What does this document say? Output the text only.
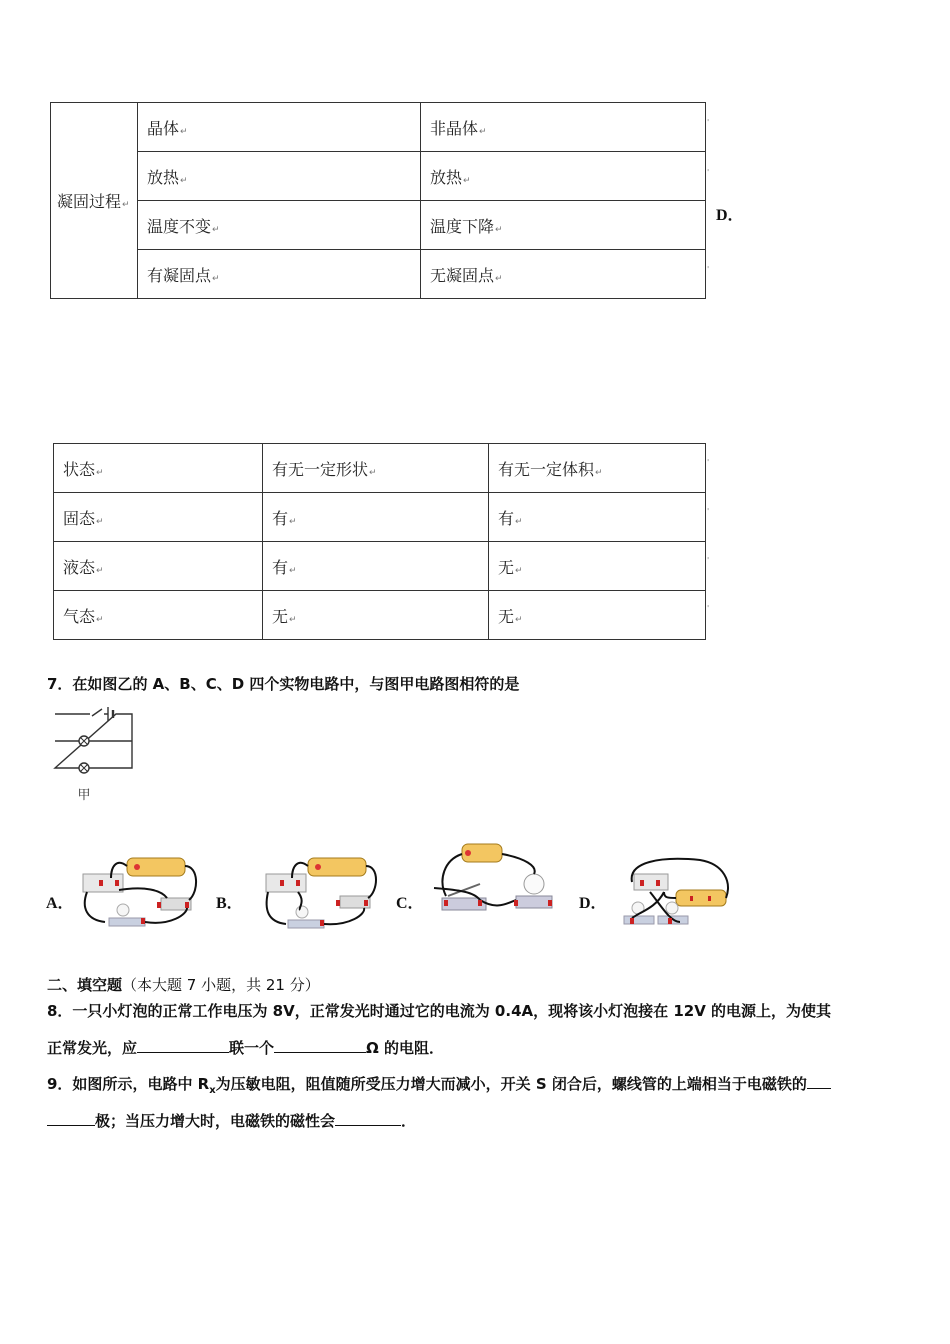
凝固过程↵	晶体↵	非晶体↵
	放热↵	放热↵
	温度不变↵	温度下降↵
	有凝固点↵	无凝固点↵
'
'
'
D．
状态↵	有无一定形状↵	有无一定体积↵
固态↵	有↵	有↵
液态↵	有↵	无↵
气态↵	无↵	无↵
'
'
'
'
7．在如图乙的 A、B、C、D 四个实物电路中，与图甲电路图相符的是
甲
A．	B．	C．	D．
二、填空题（本大题 7 小题，共 21 分）
8．一只小灯泡的正常工作电压为 8V，正常发光时通过它的电流为 0.4A，现将该小灯泡接在 12V 的电源上，为使其
正常发光，应	联一个	Ω 的电阻．
9．如图所示，电路中 $R_x$为压敏电阻，阻值随所受压力增大而减小，开关 S 闭合后，螺线管的上端相当于电磁铁的
极；当压力增大时，电磁铁的磁性会	．
